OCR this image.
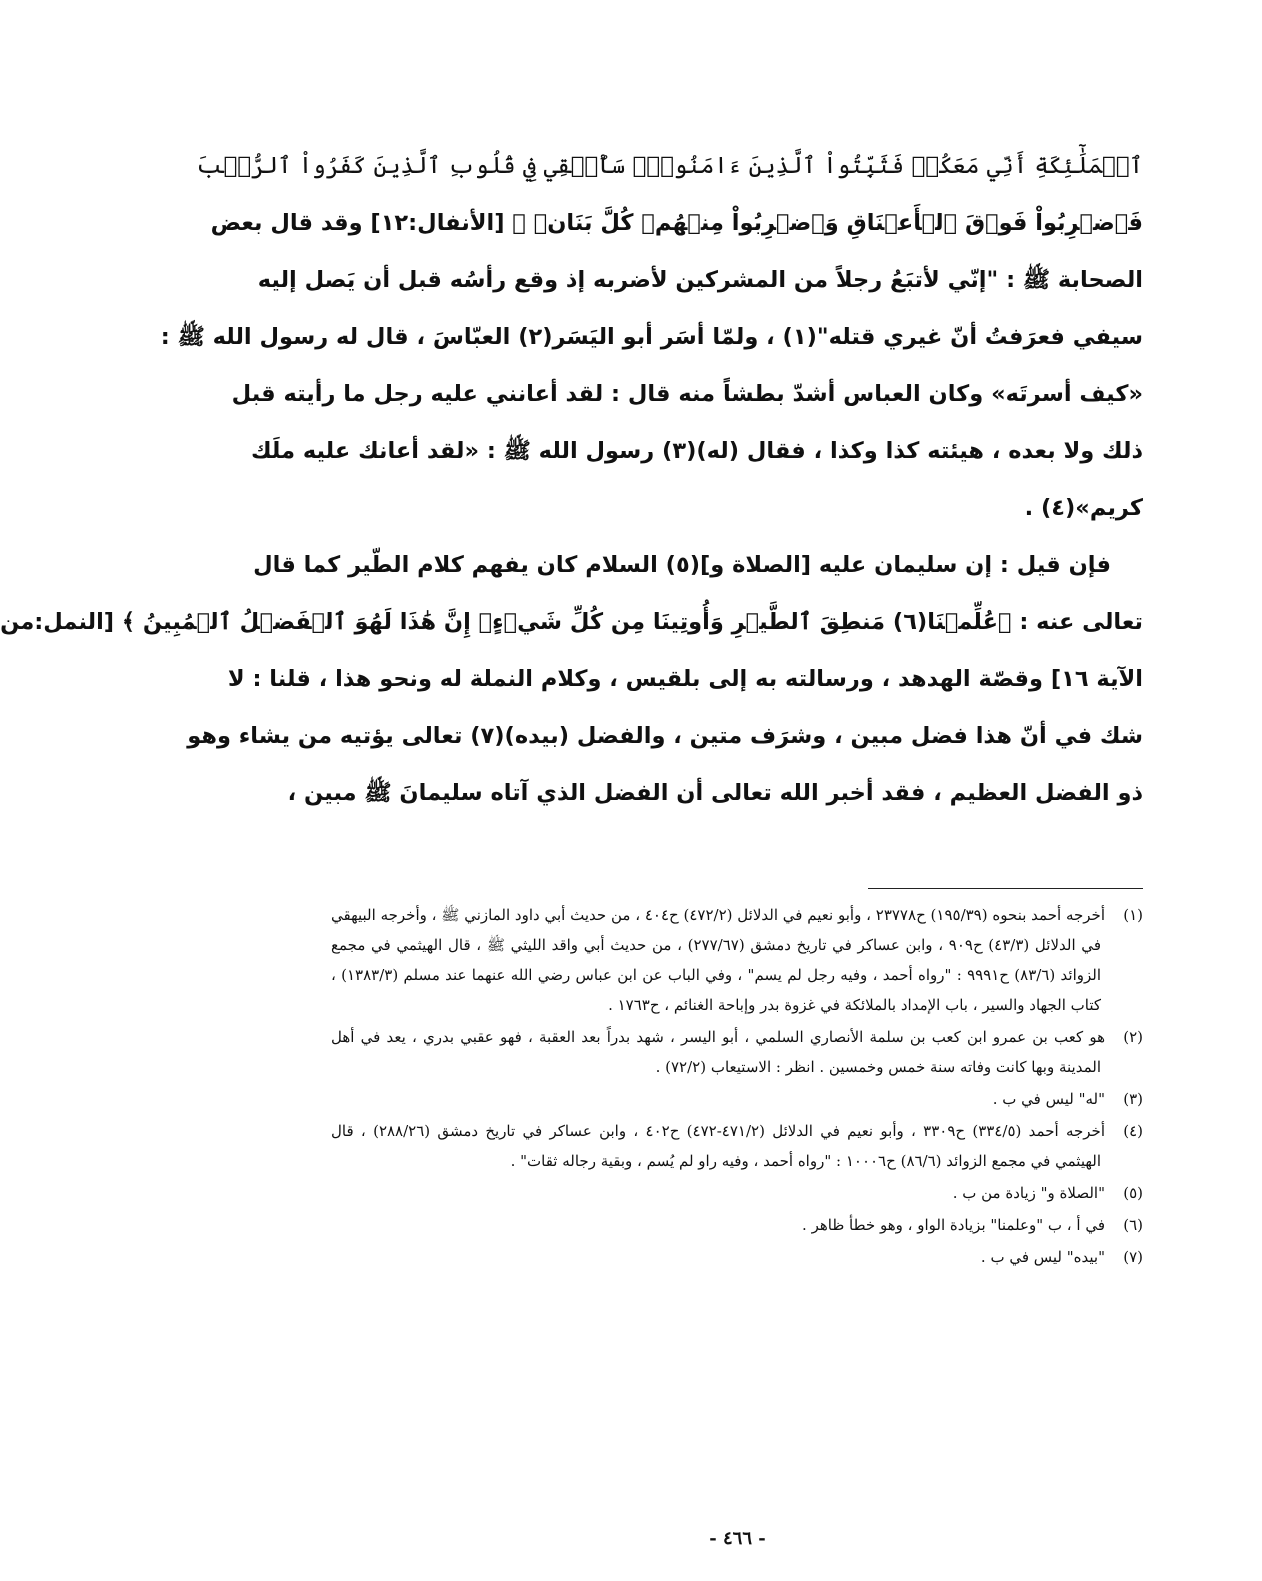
ٱلۡمَلَٰٓئِكَةِ أَنِّي مَعَكُمۡ فَثَبِّتُواْ ٱلَّذِينَ ءَامَنُواْۚ سَأُلۡقِي فِي قُلُوبِ ٱلَّذِينَ كَفَرُواْ ٱلرُّعۡبَ
فَٱضۡرِبُواْ فَوۡقَ ٱلۡأَعۡنَاقِ وَٱضۡرِبُواْ مِنۡهُمۡ كُلَّ بَنَانٖ ﴾ [الأنفال:١٢] وقد قال بعض
الصحابة ﷺ : "إنّي لأتبَعُ رجلاً من المشركين لأضربه إذ وقع رأسُه قبل أن يَصل إليه
سيفي فعرَفتُ أنّ غيري قتله"(١) ، ولمّا أسَر أبو اليَسَر(٢) العبّاسَ ، قال له رسول الله ﷺ :
«كيف أسرتَه» وكان العباس أشدّ بطشاً منه قال : لقد أعانني عليه رجل ما رأيته قبل
ذلك ولا بعده ، هيئته كذا وكذا ، فقال (له)(٣) رسول الله ﷺ : «لقد أعانك عليه ملَك
كريم»(٤) .
فإن قيل : إن سليمان عليه [الصلاة و](٥) السلام كان يفهم كلام الطّير كما قال
تعالى عنه : ﴿عُلِّمۡنَا(٦) مَنطِقَ ٱلطَّيۡرِ وَأُوتِينَا مِن كُلِّ شَيۡءٍۖ إِنَّ هَٰذَا لَهُوَ ٱلۡفَضۡلُ ٱلۡمُبِينُ ﴾ [النمل:من
الآية ١٦] وقصّة الهدهد ، ورسالته به إلى بلقيس ، وكلام النملة له ونحو هذا ، قلنا : لا
شك في أنّ هذا فضل مبين ، وشرَف متين ، والفضل (بيده)(٧) تعالى يؤتيه من يشاء وهو
ذو الفضل العظيم ، فقد أخبر الله تعالى أن الفضل الذي آتاه سليمانَ ﷺ مبين ،

(١)أخرجه أحمد بنحوه (١٩٥/٣٩) ح٢٣٧٧٨ ، وأبو نعيم في الدلائل (٤٧٢/٢) ح٤٠٤ ، من حديث أبي داود المازني ﷺ ، وأخرجه البيهقي في الدلائل (٤٣/٣) ح٩٠٩ ، وابن عساكر في تاريخ دمشق (٢٧٧/٦٧) ، من حديث أبي واقد الليثي ﷺ ، قال الهيثمي في مجمع الزوائد (٨٣/٦) ح٩٩٩١ : "رواه أحمد ، وفيه رجل لم يسم" ، وفي الباب عن ابن عباس رضي الله عنهما عند مسلم (١٣٨٣/٣) ، كتاب الجهاد والسير ، باب الإمداد بالملائكة في غزوة بدر وإباحة الغنائم ، ح١٧٦٣ .

(٢)هو كعب بن عمرو ابن كعب بن سلمة الأنصاري السلمي ، أبو اليسر ، شهد بدراً بعد العقبة ، فهو عقبي بدري ، يعد في أهل المدينة وبها كانت وفاته سنة خمس وخمسين . انظر : الاستيعاب (٧٢/٢) .

(٣)"له" ليس في ب .

(٤)أخرجه أحمد (٣٣٤/٥) ح٣٣٠٩ ، وأبو نعيم في الدلائل (٤٧١/٢-٤٧٢) ح٤٠٢ ، وابن عساكر في تاريخ دمشق (٢٨٨/٢٦) ، قال الهيثمي في مجمع الزوائد (٨٦/٦) ح١٠٠٠٦ : "رواه أحمد ، وفيه راو لم يُسم ، وبقية رجاله ثقات" .

(٥)"الصلاة و" زيادة من ب .

(٦)في أ ، ب "وعلمنا" بزيادة الواو ، وهو خطأ ظاهر .

(٧)"بيده" ليس في ب .

- ٤٦٦ -
